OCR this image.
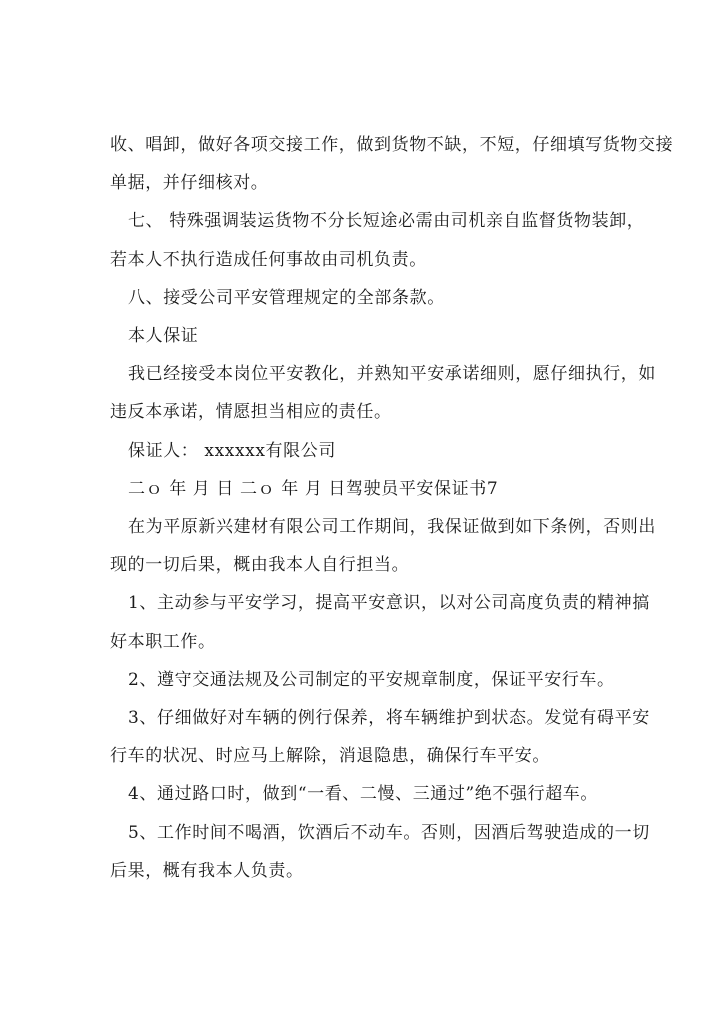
收、唱卸，做好各项交接工作，做到货物不缺，不短，仔细填写货物交接
单据，并仔细核对。

七、 特殊强调装运货物不分长短途必需由司机亲自监督货物装卸，

若本人不执行造成任何事故由司机负责。

八、接受公司平安管理规定的全部条款。

本人保证

我已经接受本岗位平安教化，并熟知平安承诺细则，愿仔细执行，如

违反本承诺，情愿担当相应的责任。

保证人： xxxxxx有限公司

二ｏ 年 月 日 二ｏ 年 月 日驾驶员平安保证书7

在为平原新兴建材有限公司工作期间，我保证做到如下条例，否则出

现的一切后果，概由我本人自行担当。

1、主动参与平安学习，提高平安意识，以对公司高度负责的精神搞

好本职工作。

2、遵守交通法规及公司制定的平安规章制度，保证平安行车。

3、仔细做好对车辆的例行保养，将车辆维护到状态。发觉有碍平安

行车的状况、时应马上解除，消退隐患，确保行车平安。

4、通过路口时，做到“一看、二慢、三通过”绝不强行超车。

5、工作时间不喝酒，饮酒后不动车。否则，因酒后驾驶造成的一切

后果，概有我本人负责。
